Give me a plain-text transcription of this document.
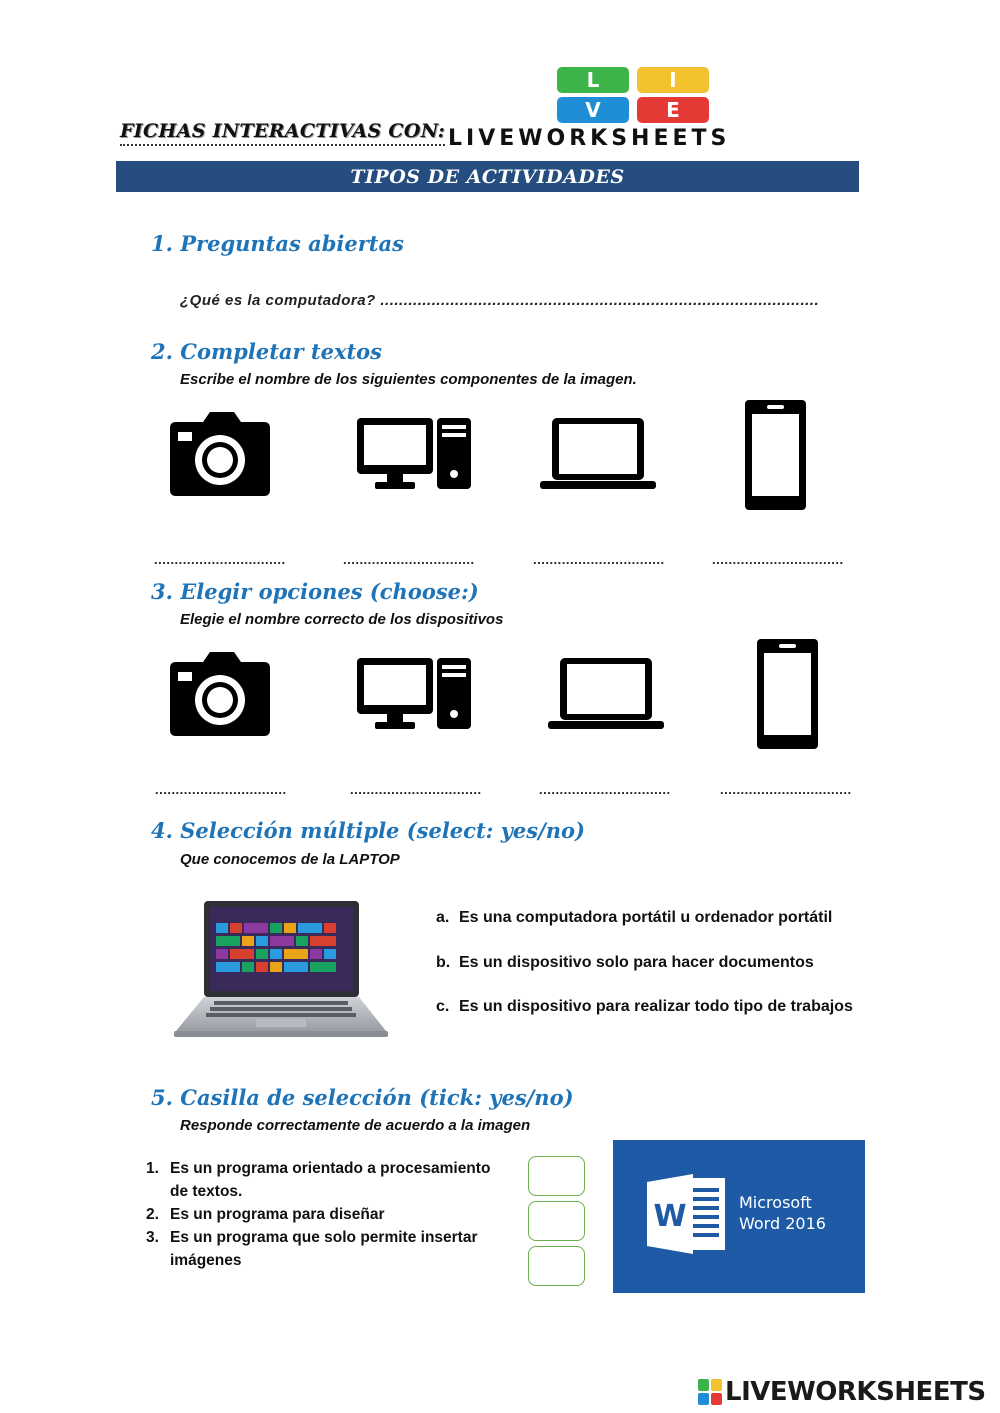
FICHAS INTERACTIVAS CON:
L	I
V	E
LIVEWORKSHEETS
TIPOS DE ACTIVIDADES
1. Preguntas abiertas
¿Qué es la computadora? ..............................................................................................
2. Completar textos
Escribe el nombre de los siguientes componentes de la imagen.
................................	................................	................................	................................
3. Elegir opciones (choose:)
Elegie el nombre correcto de los dispositivos
................................	................................	................................	................................
4. Selección múltiple (select: yes/no)
Que conocemos de la LAPTOP
a. Es una computadora portátil u ordenador portátil
b. Es un dispositivo solo para hacer documentos
c. Es un dispositivo para realizar todo tipo de trabajos
5. Casilla de selección (tick: yes/no)
Responde correctamente de acuerdo a la imagen
1. Es un programa orientado a procesamiento de textos.
2. Es un programa para diseñar
3. Es un programa que solo permite insertar imágenes
W	Microsoft
Word 2016
LIVEWORKSHEETS
